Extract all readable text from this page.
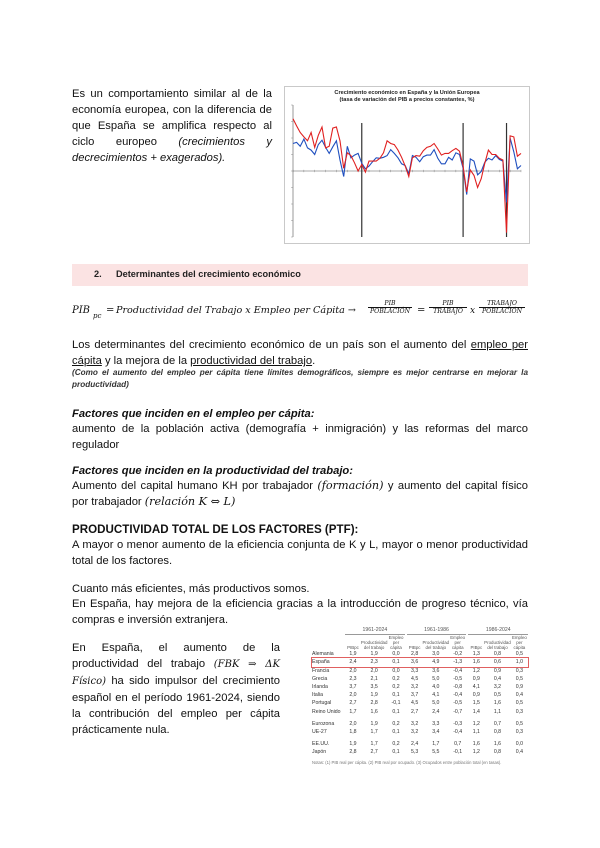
Es un comportamiento similar al de la economía europea, con la diferencia de que España se amplifica respecto al ciclo europeo (crecimientos y decrecimientos + exagerados).

Crecimiento económico en España y la Unión Europea
(tasa de variación del PIB a precios constantes, %)
2. Determinantes del crecimiento económico
PIB pc = Productividad del Trabajo x Empleo per Cápita →
PIB
POBLACIÓN =
PIB
TRABAJO x
TRABAJO
POBLACIÓN

Los determinantes del crecimiento económico de un país son el aumento del empleo per cápita y la mejora de la productividad del trabajo.

(Como el aumento del empleo per cápita tiene límites demográficos, siempre es mejor centrarse en mejorar la productividad)

Factores que inciden en el empleo per cápita:

aumento de la población activa (demografía + inmigración) y las reformas del marco regulador

Factores que inciden en la productividad del trabajo:

Aumento del capital humano KH por trabajador (formación) y aumento del capital físico por trabajador (relación K ⇔ L)

PRODUCTIVIDAD TOTAL DE LOS FACTORES (PTF):

A mayor o menor aumento de la eficiencia conjunta de K y L, mayor o menor productividad total de los factores.

Cuanto más eficientes, más productivos somos.

En España, hay mejora de la eficiencia gracias a la introducción de progreso técnico, vía compras e inversión extranjera.

En España, el aumento de la productividad del trabajo (FBK ⇒ ΔK Físico) ha sido impulsor del crecimiento español en el período 1961-2024, siendo la contribución del empleo per cápita prácticamente nula.

	1961-2024				1961-1986				1986-2024		
	PIBpc	Productividad del trabajo	Empleo per cápita		PIBpc	Productividad del trabajo	Empleo per cápita		PIBpc	Productividad del trabajo	Empleo per cápita
Alemania	1,9	1,9	0,0		2,8	3,0	-0,2		1,3	0,8	0,5
España	2,4	2,3	0,1		3,6	4,9	-1,3		1,6	0,6	1,0
Francia	2,0	2,0	0,0		3,3	3,6	-0,4		1,2	0,9	0,3
Grecia	2,3	2,1	0,2		4,5	5,0	-0,5		0,9	0,4	0,5
Irlanda	3,7	3,5	0,2		3,2	4,0	-0,8		4,1	3,2	0,9
Italia	2,0	1,9	0,1		3,7	4,1	-0,4		0,9	0,5	0,4
Portugal	2,7	2,8	-0,1		4,5	5,0	-0,5		1,5	1,6	0,5
Reino Unido	1,7	1,6	0,1		2,7	2,4	-0,7		1,4	1,1	0,3

Eurozona	2,0	1,9	0,2		3,2	3,3	-0,3		1,2	0,7	0,5
UE-27	1,8	1,7	0,1		3,2	3,4	-0,4		1,1	0,8	0,3

EE.UU.	1,9	1,7	0,2		2,4	1,7	0,7		1,6	1,6	0,0
Japón	2,8	2,7	0,1		5,3	5,5	-0,1		1,2	0,8	0,4
Notas: (1) PIB real per cápita. (2) PIB real por ocupado. (3) Ocupados entre población total (en tasas).
